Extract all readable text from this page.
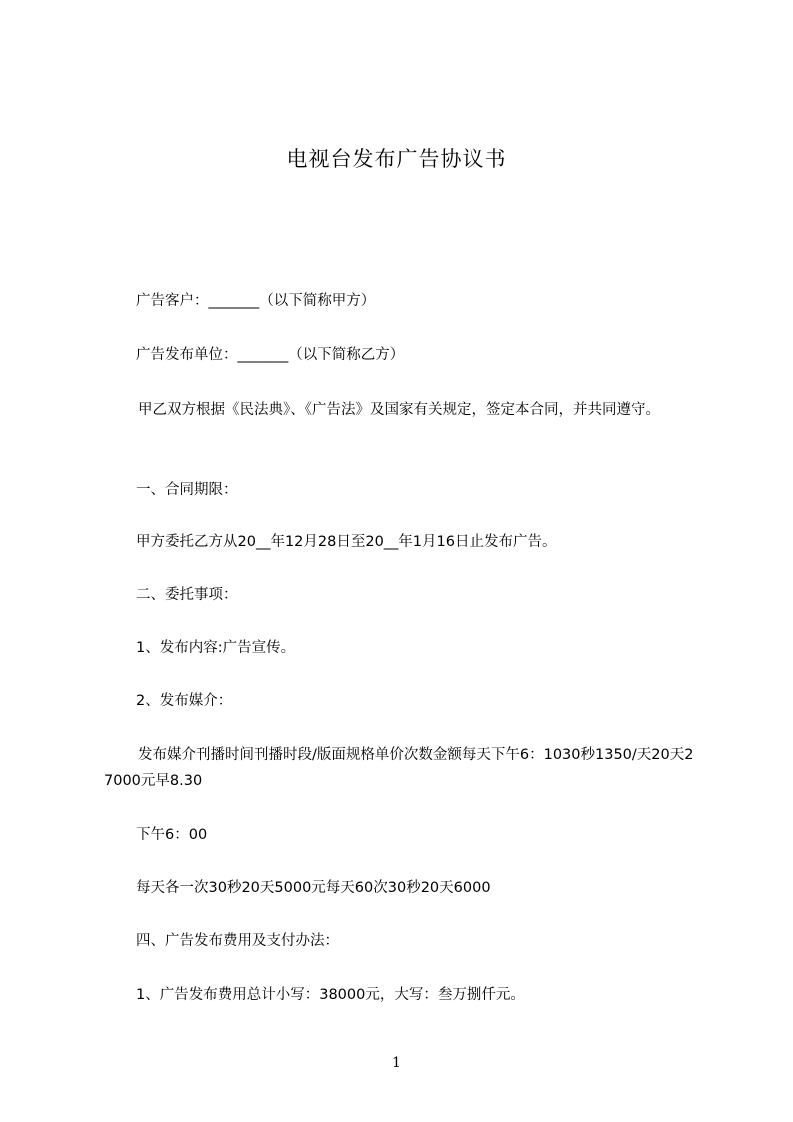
电视台发布广告协议书
广告客户：_______（以下简称甲方）
广告发布单位：_______（以下简称乙方）
甲乙双方根据《民法典》、《广告法》及国家有关规定，签定本合同，并共同遵守。
一、合同期限：
甲方委托乙方从20__年12月28日至20__年1月16日止发布广告。
二、委托事项：
1、发布内容:广告宣传。
2、发布媒介：
发布媒介刊播时间刊播时段/版面规格单价次数金额每天下午6：1030秒1350/天20天27000元早8.30
下午6：00
每天各一次30秒20天5000元每天60次30秒20天6000
四、广告发布费用及支付办法：
1、广告发布费用总计小写：38000元，大写：叁万捌仟元。
1
